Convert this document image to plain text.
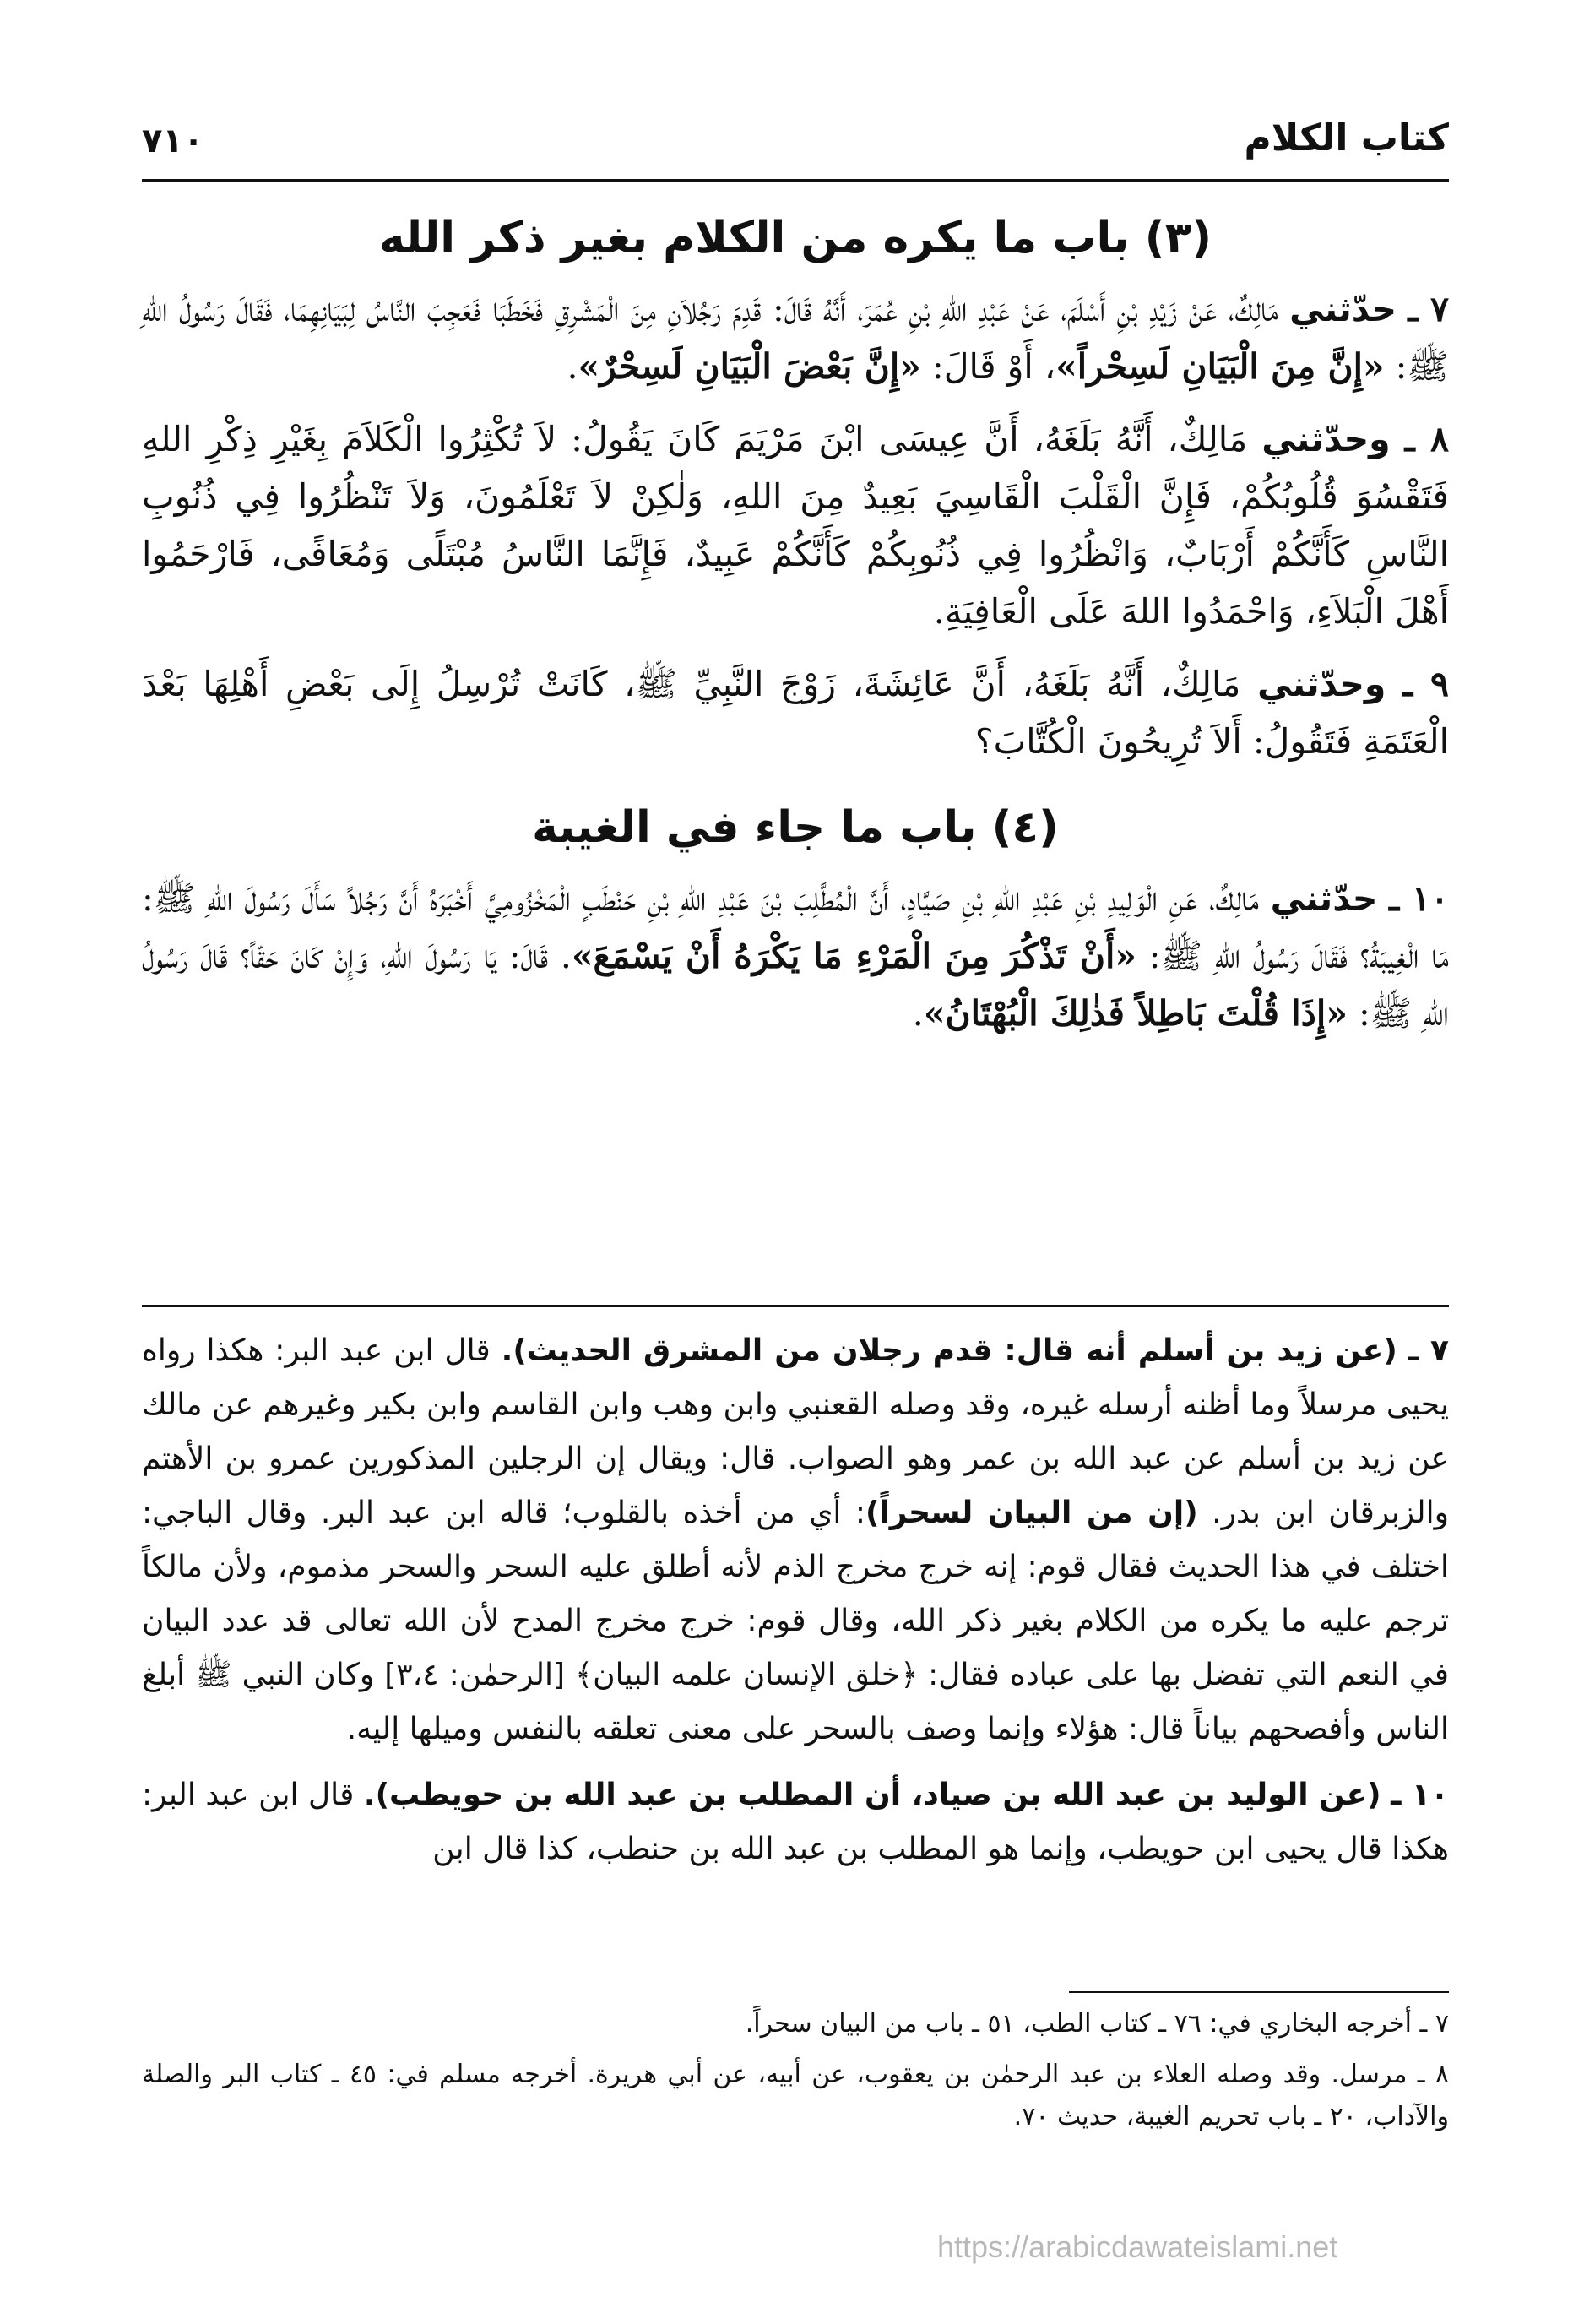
كتاب الكلام
٧١٠
(٣) باب ما يكره من الكلام بغير ذكر الله

٧ ـ حدّثني مَالِكٌ، عَنْ زَيْدِ بْنِ أَسْلَمَ، عَنْ عَبْدِ اللهِ بْنِ عُمَرَ، أَنَّهُ قَالَ: قَدِمَ رَجُلاَنِ مِنَ الْمَشْرِقِ فَخَطَبَا فَعَجِبَ النَّاسُ لِبَيَانِهِمَا، فَقَالَ رَسُولُ اللهِ ﷺ: «إِنَّ مِنَ الْبَيَانِ لَسِحْراً»، أَوْ قَالَ: «إِنَّ بَعْضَ الْبَيَانِ لَسِحْرٌ».

٨ ـ وحدّثني مَالِكٌ، أَنَّهُ بَلَغَهُ، أَنَّ عِيسَى ابْنَ مَرْيَمَ كَانَ يَقُولُ: لاَ تُكْثِرُوا الْكَلاَمَ بِغَيْرِ ذِكْرِ اللهِ فَتَقْسُوَ قُلُوبُكُمْ، فَإِنَّ الْقَلْبَ الْقَاسِيَ بَعِيدٌ مِنَ اللهِ، وَلٰكِنْ لاَ تَعْلَمُونَ، وَلاَ تَنْظُرُوا فِي ذُنُوبِ النَّاسِ كَأَنَّكُمْ أَرْبَابٌ، وَانْظُرُوا فِي ذُنُوبِكُمْ كَأَنَّكُمْ عَبِيدٌ، فَإِنَّمَا النَّاسُ مُبْتَلًى وَمُعَافًى، فَارْحَمُوا أَهْلَ الْبَلاَءِ، وَاحْمَدُوا اللهَ عَلَى الْعَافِيَةِ.

٩ ـ وحدّثني مَالِكٌ، أَنَّهُ بَلَغَهُ، أَنَّ عَائِشَةَ، زَوْجَ النَّبِيِّ ﷺ، كَانَتْ تُرْسِلُ إِلَى بَعْضِ أَهْلِهَا بَعْدَ الْعَتَمَةِ فَتَقُولُ: أَلاَ تُرِيحُونَ الْكُتَّابَ؟

(٤) باب ما جاء في الغيبة

١٠ ـ حدّثني مَالِكٌ، عَنِ الْوَلِيدِ بْنِ عَبْدِ اللهِ بْنِ صَيَّادٍ، أَنَّ الْمُطَّلِبَ بْنَ عَبْدِ اللهِ بْنِ حَنْطَبٍ الْمَخْزُومِيَّ أَخْبَرَهُ أَنَّ رَجُلاً سَأَلَ رَسُولَ اللهِ ﷺ: مَا الْغِيبَةُ؟ فَقَالَ رَسُولُ اللهِ ﷺ: «أَنْ تَذْكُرَ مِنَ الْمَرْءِ مَا يَكْرَهُ أَنْ يَسْمَعَ». قَالَ: يَا رَسُولَ اللهِ، وَإِنْ كَانَ حَقّاً؟ قَالَ رَسُولُ اللهِ ﷺ: «إِذَا قُلْتَ بَاطِلاً فَذٰلِكَ الْبُهْتَانُ».

٧ ـ (عن زيد بن أسلم أنه قال: قدم رجلان من المشرق الحديث). قال ابن عبد البر: هكذا رواه يحيى مرسلاً وما أظنه أرسله غيره، وقد وصله القعنبي وابن وهب وابن القاسم وابن بكير وغيرهم عن مالك عن زيد بن أسلم عن عبد الله بن عمر وهو الصواب. قال: ويقال إن الرجلين المذكورين عمرو بن الأهتم والزبرقان ابن بدر. (إن من البيان لسحراً): أي من أخذه بالقلوب؛ قاله ابن عبد البر. وقال الباجي: اختلف في هذا الحديث فقال قوم: إنه خرج مخرج الذم لأنه أطلق عليه السحر والسحر مذموم، ولأن مالكاً ترجم عليه ما يكره من الكلام بغير ذكر الله، وقال قوم: خرج مخرج المدح لأن الله تعالى قد عدد البيان في النعم التي تفضل بها على عباده فقال: ﴿خلق الإنسان علمه البيان﴾ [الرحمٰن: ٣،٤] وكان النبي ﷺ أبلغ الناس وأفصحهم بياناً قال: هؤلاء وإنما وصف بالسحر على معنى تعلقه بالنفس وميلها إليه.

١٠ ـ (عن الوليد بن عبد الله بن صياد، أن المطلب بن عبد الله بن حويطب). قال ابن عبد البر: هكذا قال يحيى ابن حويطب، وإنما هو المطلب بن عبد الله بن حنطب، كذا قال ابن

٧ ـ أخرجه البخاري في: ٧٦ ـ كتاب الطب، ٥١ ـ باب من البيان سحراً.

٨ ـ مرسل. وقد وصله العلاء بن عبد الرحمٰن بن يعقوب، عن أبيه، عن أبي هريرة. أخرجه مسلم في: ٤٥ ـ كتاب البر والصلة والآداب، ٢٠ ـ باب تحريم الغيبة، حديث ٧٠.

https://arabicdawateislami.net
